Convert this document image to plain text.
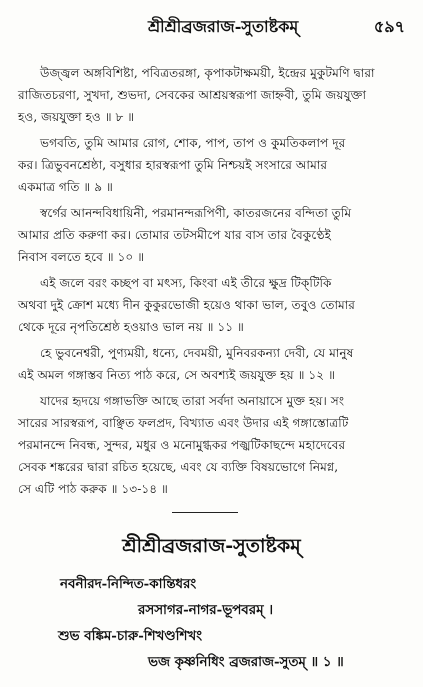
শ্রীশ্রীব্রজরাজ-সুতাষ্টকম্	৫৯৭

উজ্জ্বল অঙ্গবিশিষ্টা, পবিত্রতরঙ্গা, কৃপাকটাক্ষময়ী, ইন্দ্রের মুকুটমণি দ্বারা
রাজিতচরণা, সুখদা, শুভদা, সেবকের আশ্রয়স্বরূপা জাহ্নবী, তুমি জয়যুক্তা
হও, জয়যুক্তা হও ॥ ৮ ॥

ভগবতি, তুমি আমার রোগ, শোক, পাপ, তাপ ও কুমতিকলাপ দূর
কর। ত্রিভুবনশ্রেষ্ঠা, বসুধার হারস্বরূপা তুমি নিশ্চয়ই সংসারে আমার
একমাত্র গতি ॥ ৯ ॥

স্বর্গের আনন্দবিধায়িনী, পরমানন্দরূপিণী, কাতরজনের বন্দিতা তুমি
আমার প্রতি করুণা কর। তোমার তটসমীপে যার বাস তার বৈকুণ্ঠেই
নিবাস বলতে হবে ॥ ১০ ॥

এই জলে বরং কচ্ছপ বা মৎস্য, কিংবা এই তীরে ক্ষুদ্র টিক্‌টিকি
অথবা দুই ক্রোশ মধ্যে দীন কুকুরভোজী হয়েও থাকা ভাল, তবুও তোমার
থেকে দূরে নৃপতিশ্রেষ্ঠ হওয়াও ভাল নয় ॥ ১১ ॥

হে ভুবনেশ্বরী, পুণ্যময়ী, ধন্যে, দেবময়ী, মুনিবরকন্যা দেবী, যে মানুষ
এই অমল গঙ্গাস্তব নিত্য পাঠ করে, সে অবশ্যই জয়যুক্ত হয় ॥ ১২ ॥

যাদের হৃদয়ে গঙ্গাভক্তি আছে তারা সর্বদা অনায়াসে মুক্ত হয়। সং
সারের সারস্বরূপ, বাঞ্ছিত ফলপ্রদ, বিখ্যাত এবং উদার এই গঙ্গাস্তোত্রটি
পরমানন্দে নিবন্ধ, সুন্দর, মধুর ও মনোমুগ্ধকর পজ্ঝটিকাছন্দে মহাদেবের
সেবক শঙ্করের দ্বারা রচিত হয়েছে, এবং যে ব্যক্তি বিষয়ভোগে নিমগ্ন,
সে এটি পাঠ করুক ॥ ১৩-১৪ ॥

শ্রীশ্রীব্রজরাজ-সুতাষ্টকম্
নবনীরদ-নিন্দিত-কান্তিধরং
রসসাগর-নাগর-ভূপবরম্ ।
শুভ বঙ্কিম-চারু-শিখণ্ডশিখং
ভজ কৃষ্ণনিধিং ব্রজরাজ-সুতম্ ॥ ১ ॥
